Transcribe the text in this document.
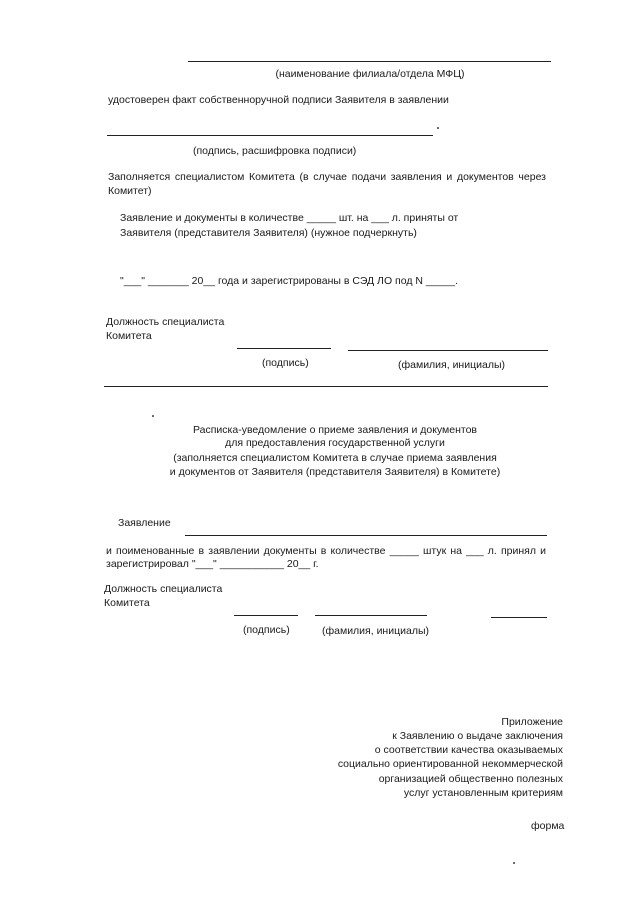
(наименование филиала/отдела МФЦ)
удостоверен факт собственноручной подписи Заявителя в заявлении
(подпись, расшифровка подписи)
Заполняется специалистом Комитета (в случае подачи заявления и документов через
Комитет)
Заявление и документы в количестве _____ шт. на ___ л. приняты от
Заявителя (представителя Заявителя) (нужное подчеркнуть)
"___" _______ 20__ года и зарегистрированы в СЭД ЛО под N _____.
Должность специалиста
Комитета
(подпись)	(фамилия, инициалы)
Расписка-уведомление о приеме заявления и документов
для предоставления государственной услуги
(заполняется специалистом Комитета в случае приема заявления
и документов от Заявителя (представителя Заявителя) в Комитете)
Заявление
и поименованные в заявлении документы в количестве _____ штук на ___ л. принял и
зарегистрировал "___" ___________ 20__ г.
Должность специалиста
Комитета
(подпись)	(фамилия, инициалы)
Приложение
к Заявлению о выдаче заключения
о соответствии качества оказываемых
социально ориентированной некоммерческой
организацией общественно полезных
услуг установленным критериям
форма
